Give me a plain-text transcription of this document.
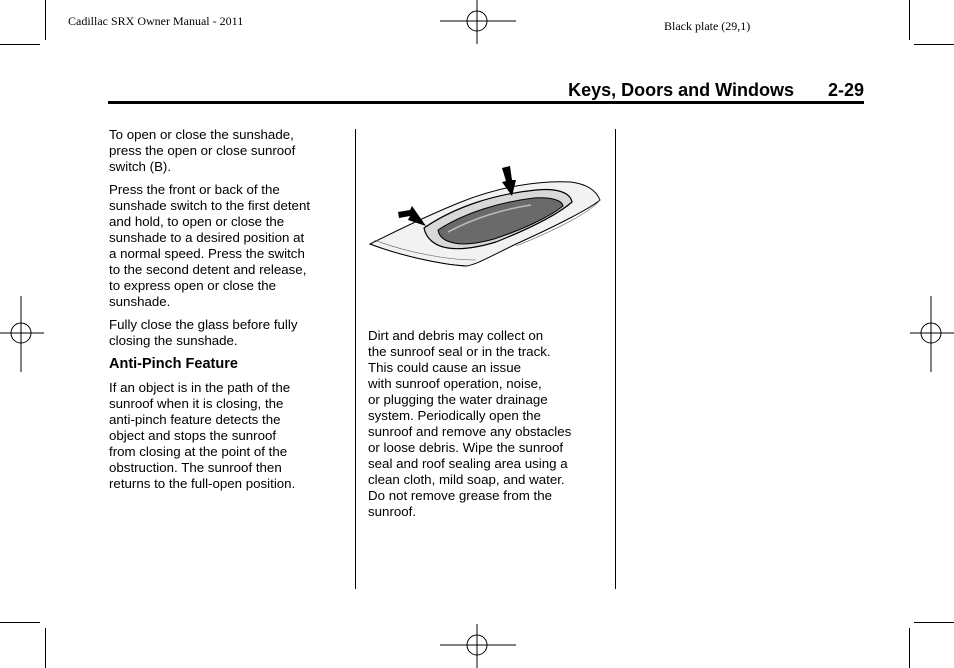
Cadillac SRX Owner Manual - 2011	Black plate (29,1)
Keys, Doors and Windows 2-29

To open or close the sunshade,
press the open or close sunroof
switch (B).

Press the front or back of the
sunshade switch to the first detent
and hold, to open or close the
sunshade to a desired position at
a normal speed. Press the switch
to the second detent and release,
to express open or close the
sunshade.

Fully close the glass before fully
closing the sunshade.

Anti-Pinch Feature

If an object is in the path of the
sunroof when it is closing, the
anti-pinch feature detects the
object and stops the sunroof
from closing at the point of the
obstruction. The sunroof then
returns to the full-open position.

Dirt and debris may collect on
the sunroof seal or in the track.
This could cause an issue
with sunroof operation, noise,
or plugging the water drainage
system. Periodically open the
sunroof and remove any obstacles
or loose debris. Wipe the sunroof
seal and roof sealing area using a
clean cloth, mild soap, and water.
Do not remove grease from the
sunroof.
